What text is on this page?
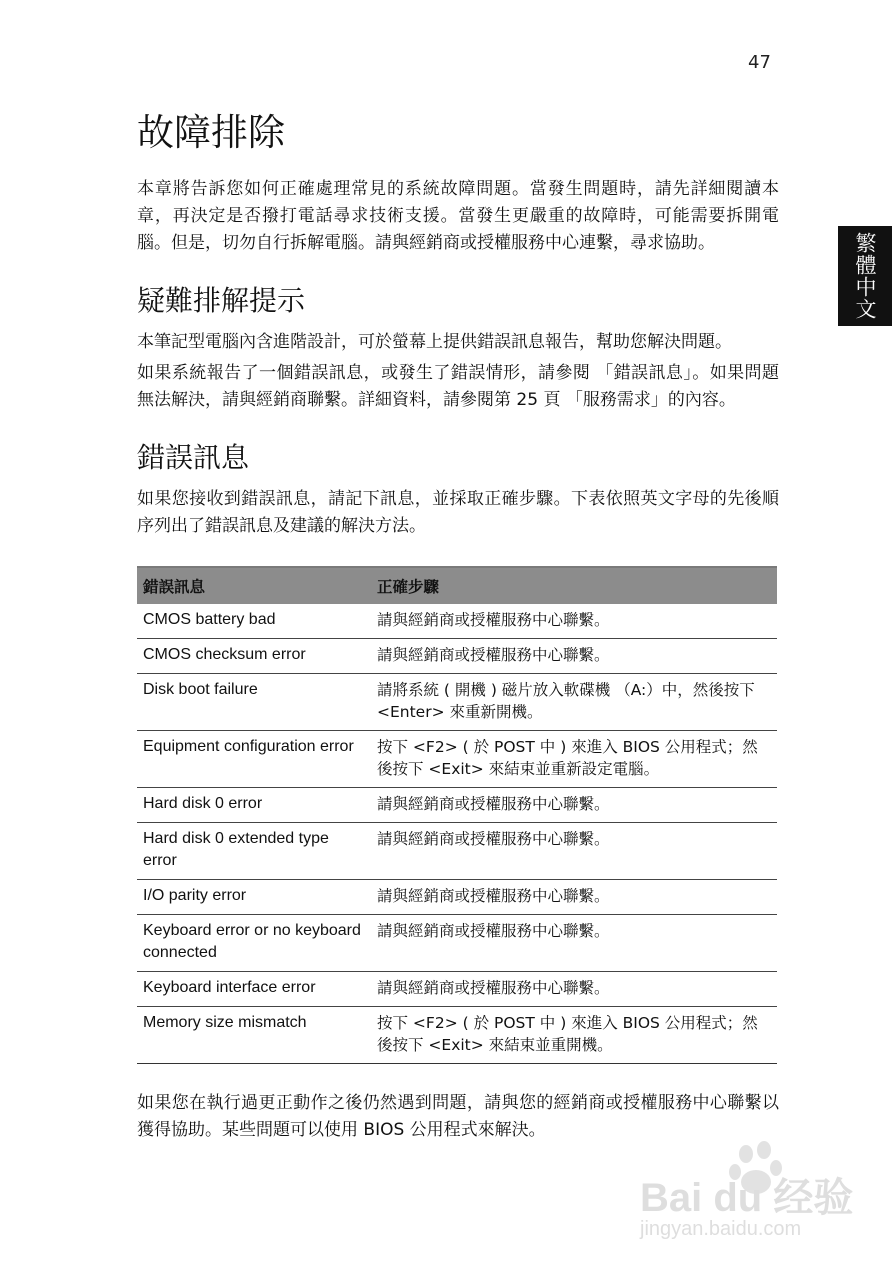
47
繁體中文
故障排除

本章將告訴您如何正確處理常見的系統故障問題。當發生問題時，請先詳細閱讀本章，再決定是否撥打電話尋求技術支援。當發生更嚴重的故障時，可能需要拆開電腦。但是，切勿自行拆解電腦。請與經銷商或授權服務中心連繫，尋求協助。

疑難排解提示

本筆記型電腦內含進階設計，可於螢幕上提供錯誤訊息報告，幫助您解決問題。

如果系統報告了一個錯誤訊息，或發生了錯誤情形，請參閱 「錯誤訊息」。如果問題無法解決，請與經銷商聯繫。詳細資料，請參閱第 25 頁 「服務需求」的內容。

錯誤訊息

如果您接收到錯誤訊息，請記下訊息，並採取正確步驟。下表依照英文字母的先後順序列出了錯誤訊息及建議的解決方法。

錯誤訊息	正確步驟
CMOS battery bad	請與經銷商或授權服務中心聯繫。
CMOS checksum error	請與經銷商或授權服務中心聯繫。
Disk boot failure	請將系統 ( 開機 ) 磁片放入軟碟機 （A:）中，然後按下 <Enter> 來重新開機。
Equipment configuration error	按下 <F2> ( 於 POST 中 ) 來進入 BIOS 公用程式；然後按下 <Exit> 來結束並重新設定電腦。
Hard disk 0 error	請與經銷商或授權服務中心聯繫。
Hard disk 0 extended type error	請與經銷商或授權服務中心聯繫。
I/O parity error	請與經銷商或授權服務中心聯繫。
Keyboard error or no keyboard connected	請與經銷商或授權服務中心聯繫。
Keyboard interface error	請與經銷商或授權服務中心聯繫。
Memory size mismatch	按下 <F2> ( 於 POST 中 ) 來進入 BIOS 公用程式；然後按下 <Exit> 來結束並重開機。

如果您在執行過更正動作之後仍然遇到問題，請與您的經銷商或授權服務中心聯繫以獲得協助。某些問題可以使用 BIOS 公用程式來解決。

Bai du 经验
jingyan.baidu.com
